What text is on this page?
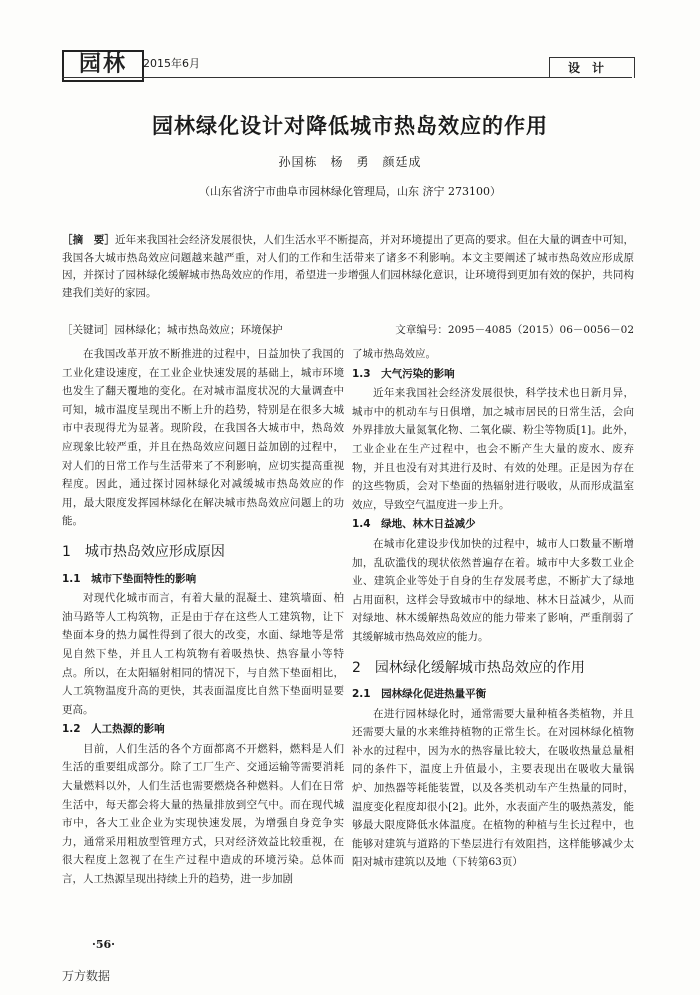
园林	2015年6月	设计
园林绿化设计对降低城市热岛效应的作用
孙国栋　杨　勇　颜廷成
（山东省济宁市曲阜市园林绿化管理局，山东 济宁 273100）
［摘　要］近年来我国社会经济发展很快，人们生活水平不断提高，并对环境提出了更高的要求。但在大量的调查中可知，我国各大城市热岛效应问题越来越严重，对人们的工作和生活带来了诸多不利影响。本文主要阐述了城市热岛效应形成原因，并探讨了园林绿化缓解城市热岛效应的作用，希望进一步增强人们园林绿化意识，让环境得到更加有效的保护，共同构建我们美好的家园。
［关键词］园林绿化；城市热岛效应；环境保护	文章编号：2095－4085（2015）06－0056－02

在我国改革开放不断推进的过程中，日益加快了我国的工业化建设速度，在工业企业快速发展的基础上，城市环境也发生了翻天覆地的变化。在对城市温度状况的大量调查中可知，城市温度呈现出不断上升的趋势，特别是在很多大城市中表现得尤为显著。现阶段，在我国各大城市中，热岛效应现象比较严重，并且在热岛效应问题日益加剧的过程中，对人们的日常工作与生活带来了不利影响，应切实提高重视程度。因此，通过探讨园林绿化对减缓城市热岛效应的作用，最大限度发挥园林绿化在解决城市热岛效应问题上的功能。

1　城市热岛效应形成原因
1.1　城市下垫面特性的影响

对现代化城市而言，有着大量的混凝土、建筑墙面、柏油马路等人工构筑物，正是由于存在这些人工建筑物，让下垫面本身的热力属性得到了很大的改变，水面、绿地等是常见自然下垫，并且人工构筑物有着吸热快、热容量小等特点。所以，在太阳辐射相同的情况下，与自然下垫面相比，人工筑物温度升高的更快，其表面温度比自然下垫面明显要更高。

1.2　人工热源的影响

目前，人们生活的各个方面都离不开燃料，燃料是人们生活的重要组成部分。除了工厂生产、交通运输等需要消耗大量燃料以外，人们生活也需要燃烧各种燃料。人们在日常生活中，每天都会将大量的热量排放到空气中。而在现代城市中，各大工业企业为实现快速发展，为增强自身竞争实力，通常采用粗放型管理方式，只对经济效益比较重视，在很大程度上忽视了在生产过程中造成的环境污染。总体而言，人工热源呈现出持续上升的趋势，进一步加剧

了城市热岛效应。

1.3　大气污染的影响

近年来我国社会经济发展很快，科学技术也日新月异，城市中的机动车与日俱增，加之城市居民的日常生活，会向外界排放大量氮氧化物、二氧化碳、粉尘等物质[1]。此外，工业企业在生产过程中，也会不断产生大量的废水、废弃物，并且也没有对其进行及时、有效的处理。正是因为存在的这些物质，会对下垫面的热辐射进行吸收，从而形成温室效应，导致空气温度进一步上升。

1.4　绿地、林木日益减少

在城市化建设步伐加快的过程中，城市人口数量不断增加，乱砍滥伐的现状依然普遍存在着。城市中大多数工业企业、建筑企业等处于自身的生存发展考虑，不断扩大了绿地占用面积，这样会导致城市中的绿地、林木日益减少，从而对绿地、林木缓解热岛效应的能力带来了影响，严重削弱了其缓解城市热岛效应的能力。

2　园林绿化缓解城市热岛效应的作用
2.1　园林绿化促进热量平衡

在进行园林绿化时，通常需要大量种植各类植物，并且还需要大量的水来维持植物的正常生长。在对园林绿化植物补水的过程中，因为水的热容量比较大，在吸收热量总量相同的条件下，温度上升值最小，主要表现出在吸收大量锅炉、加热器等耗能装置，以及各类机动车产生热量的同时，温度变化程度却很小[2]。此外，水表面产生的吸热蒸发，能够最大限度降低水体温度。在植物的种植与生长过程中，也能够对建筑与道路的下垫层进行有效阻挡，这样能够减少太阳对城市建筑以及地（下转第63页）

·56·
万方数据
